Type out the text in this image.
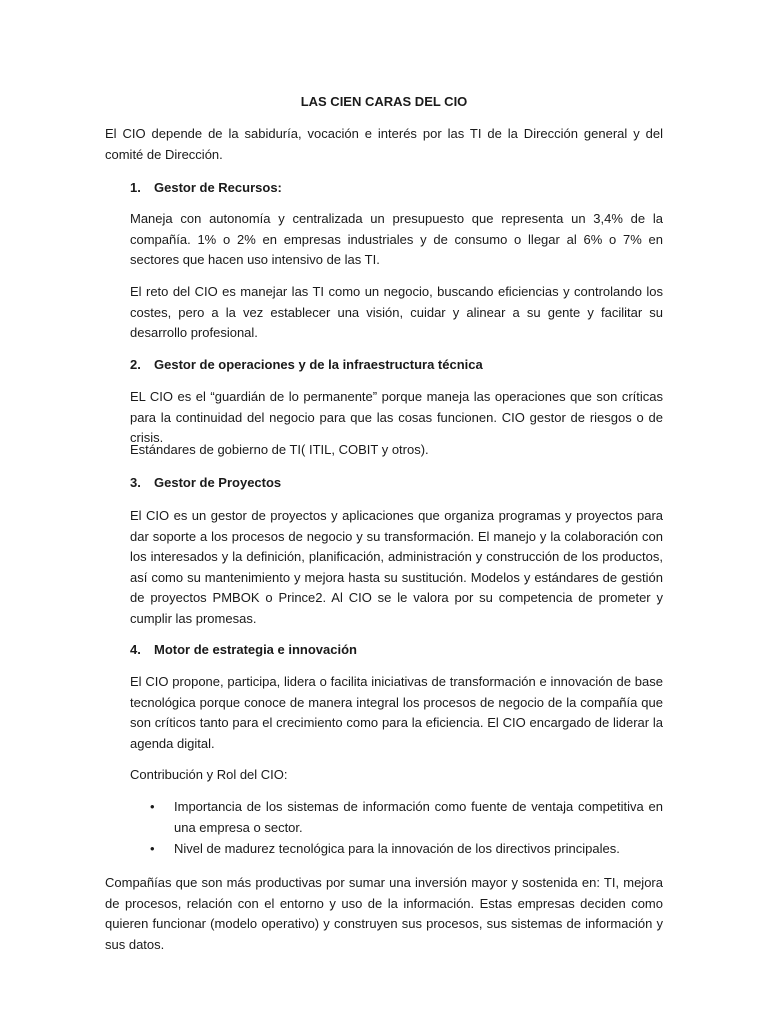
LAS CIEN CARAS DEL CIO

El CIO depende de la sabiduría, vocación e interés por las TI de la Dirección general y del comité de Dirección.

1. Gestor de Recursos:

Maneja con autonomía y centralizada un presupuesto que representa un 3,4% de la compañía. 1% o 2% en empresas industriales y de consumo o llegar al 6% o 7% en sectores que hacen uso intensivo de las TI.

El reto del CIO es manejar las TI como un negocio, buscando eficiencias y controlando los costes, pero a la vez establecer una visión, cuidar y alinear a su gente y facilitar su desarrollo profesional.

2. Gestor de operaciones y de la infraestructura técnica

EL CIO es el “guardián de lo permanente” porque maneja las operaciones que son críticas para la continuidad del negocio para que las cosas funcionen. CIO gestor de riesgos o de crisis.

Estándares de gobierno de TI( ITIL, COBIT y otros).

3. Gestor de Proyectos

El CIO es un gestor de proyectos y aplicaciones que organiza programas y proyectos para dar soporte a los procesos de negocio y su transformación. El manejo y la colaboración con los interesados y la definición, planificación, administración y construcción de los productos, así como su mantenimiento y mejora hasta su sustitución. Modelos y estándares de gestión de proyectos PMBOK o Prince2. Al CIO se le valora por su competencia de prometer y cumplir las promesas.

4. Motor de estrategia e innovación

El CIO propone, participa, lidera o facilita iniciativas de transformación e innovación de base tecnológica porque conoce de manera integral los procesos de negocio de la compañía que son críticos tanto para el crecimiento como para la eficiencia. El CIO encargado de liderar la agenda digital.

Contribución y Rol del CIO:

• Importancia de los sistemas de información como fuente de ventaja competitiva en una empresa o sector.
• Nivel de madurez tecnológica para la innovación de los directivos principales.

Compañías que son más productivas por sumar una inversión mayor y sostenida en: TI, mejora de procesos, relación con el entorno y uso de la información. Estas empresas deciden como quieren funcionar (modelo operativo) y construyen sus procesos, sus sistemas de información y sus datos.
